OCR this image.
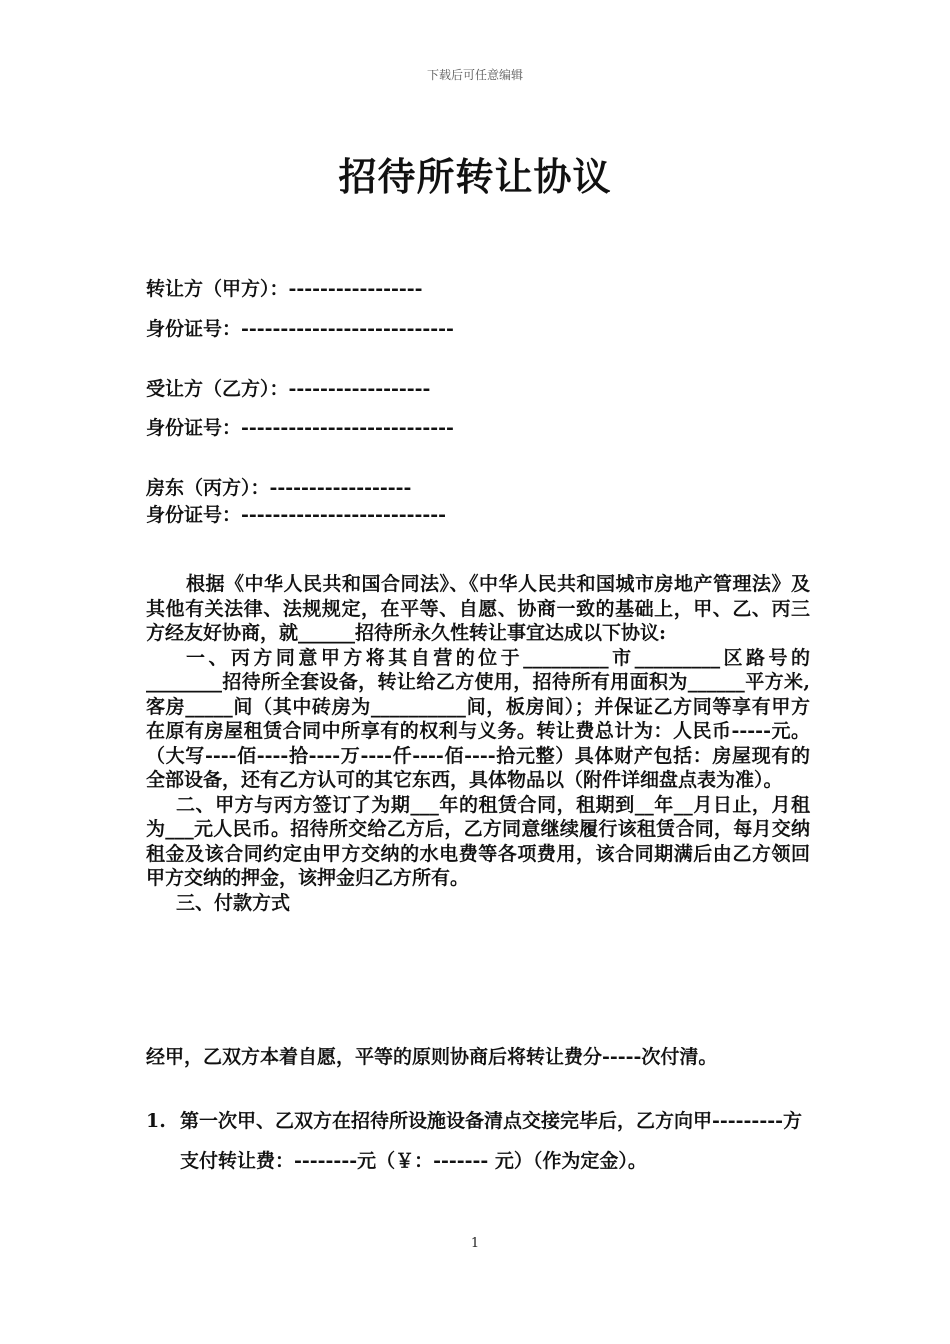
下载后可任意编辑
招待所转让协议
转让方（甲方）：-----------------
身份证号：---------------------------
受让方（乙方）：------------------
身份证号：---------------------------
房东（丙方）：------------------
身份证号：--------------------------

根据《中华人民共和国合同法》、《中华人民共和国城市房地产管理法》及其他有关法律、法规规定，在平等、自愿、协商一致的基础上，甲、乙、丙三方经友好协商，就______招待所永久性转让事宜达成以下协议:

一、丙方同意甲方将其自营的位于_________市_________区路号的________招待所全套设备，转让给乙方使用，招待所有用面积为______平方米,客房_____间（其中砖房为__________间，板房间）；并保证乙方同等享有甲方在原有房屋租赁合同中所享有的权利与义务。转让费总计为：人民币-----元。（大写----佰----拾----万----仟----佰----拾元整）具体财产包括：房屋现有的全部设备，还有乙方认可的其它东西，具体物品以（附件详细盘点表为准）。

二、甲方与丙方签订了为期___年的租赁合同，租期到__年__月日止，月租为___元人民币。招待所交给乙方后，乙方同意继续履行该租赁合同，每月交纳租金及该合同约定由甲方交纳的水电费等各项费用，该合同期满后由乙方领回甲方交纳的押金，该押金归乙方所有。

三、付款方式

经甲，乙双方本着自愿，平等的原则协商后将转让费分-----次付清。
1. 第一次甲、乙双方在招待所设施设备清点交接完毕后，乙方向甲---------方支付转让费：--------元（￥：------- 元）（作为定金）。
1
